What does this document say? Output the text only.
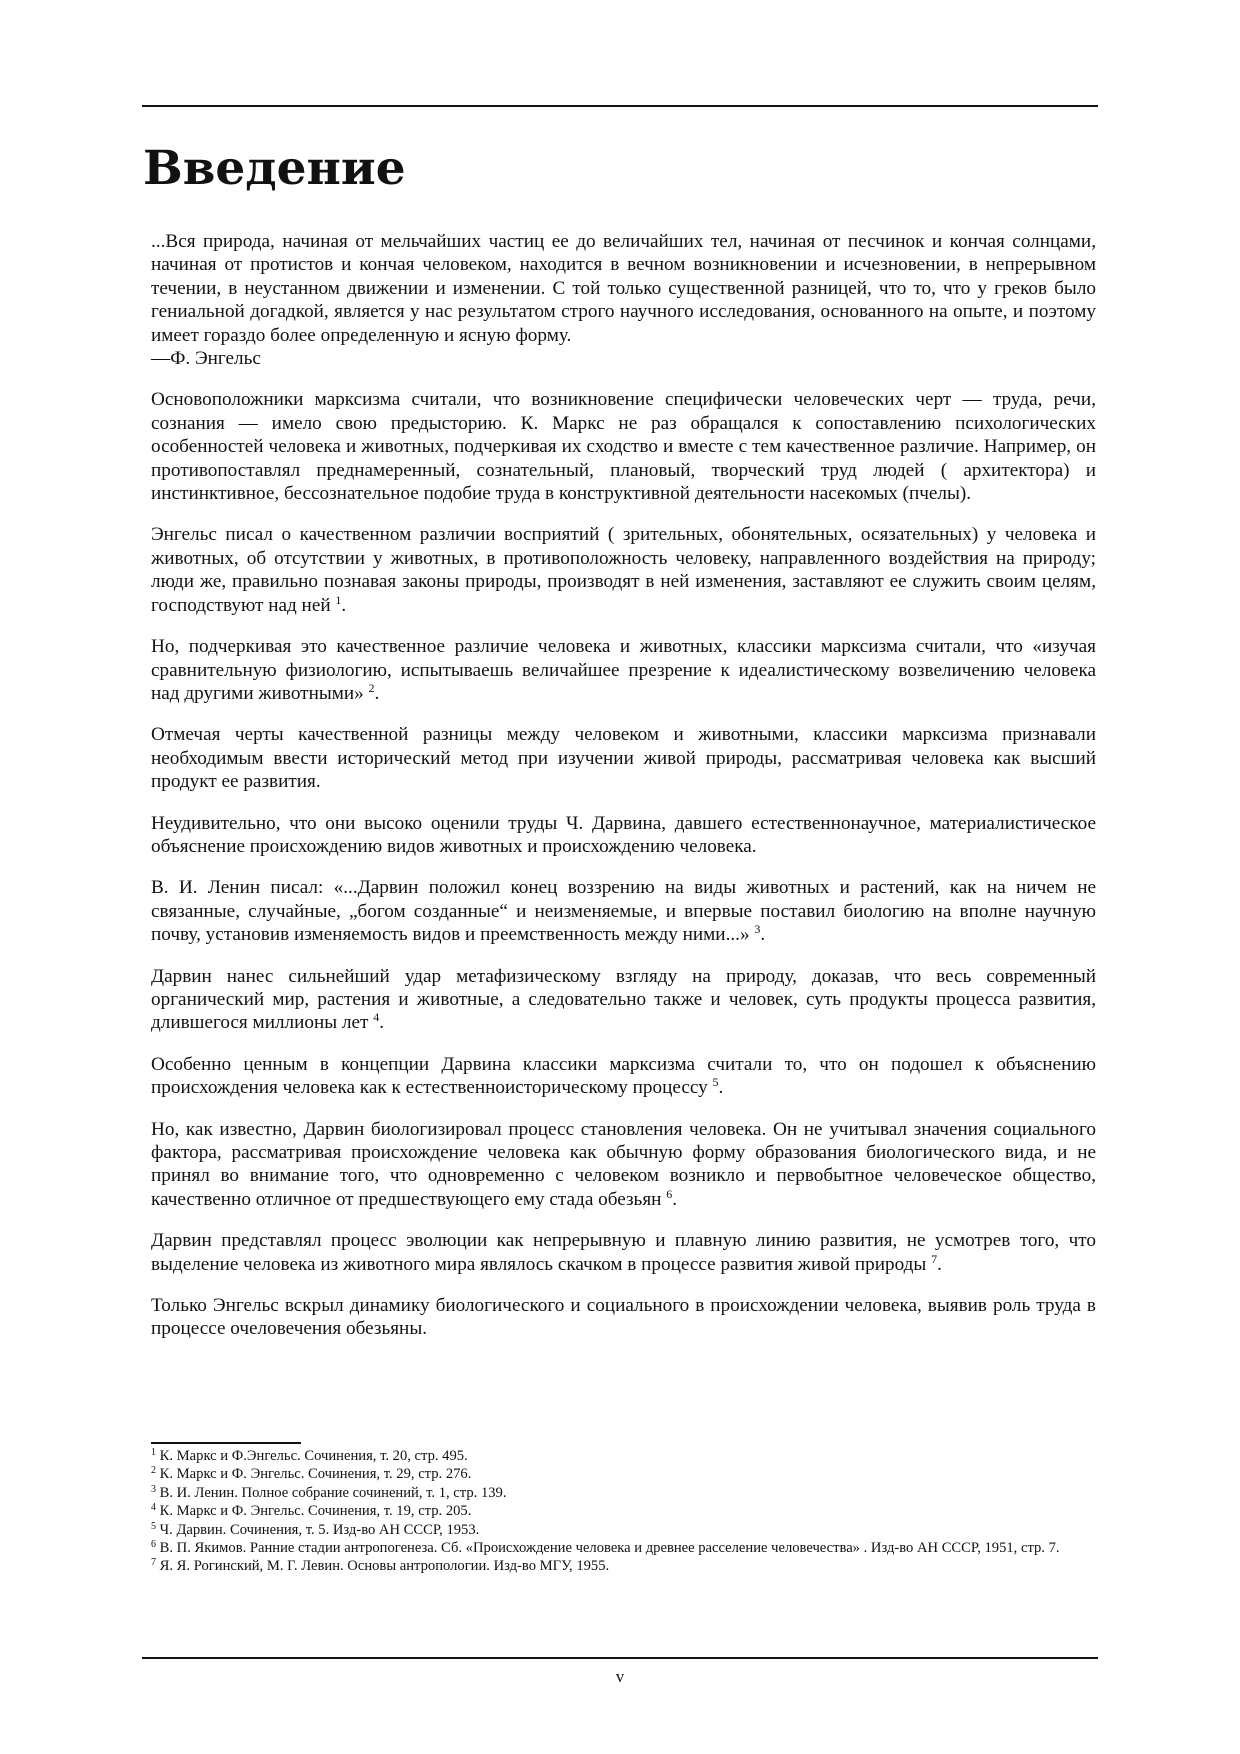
Введение
...Вся природа, начиная от мельчайших частиц ее до величайших тел, начиная от песчинок и кончая солнцами, начиная от протистов и кончая человеком, находится в вечном возникновении и исчезновении, в непрерывном течении, в неустанном движении и изменении. С той только существенной разницей, что то, что у греков было гениальной догадкой, является у нас результатом строго научного исследования, основанного на опыте, и поэтому имеет гораздо более определенную и ясную форму.
—Ф. Энгельс

Основоположники марксизма считали, что возникновение специфически человеческих черт — труда, речи, сознания — имело свою предысторию. К. Маркс не раз обращался к сопоставлению психологических особенностей человека и животных, подчеркивая их сходство и вместе с тем качественное различие. Например, он противопоставлял преднамеренный, сознательный, плановый, творческий труд людей ( архитектора) и инстинктивное, бессознательное подобие труда в конструктивной деятельности насекомых (пчелы).

Энгельс писал о качественном различии восприятий ( зрительных, обонятельных, осязательных) у человека и животных, об отсутствии у животных, в противоположность человеку, направленного воздействия на природу; люди же, правильно познавая законы природы, производят в ней изменения, заставляют ее служить своим целям, господствуют над ней $^1$.

Но, подчеркивая это качественное различие человека и животных, классики марксизма считали, что «изучая сравнительную физиологию, испытываешь величайшее презрение к идеалистическому возвеличению человека над другими животными» $^2$.

Отмечая черты качественной разницы между человеком и животными, классики марксизма признавали необходимым ввести исторический метод при изучении живой природы, рассматривая человека как высший продукт ее развития.

Неудивительно, что они высоко оценили труды Ч. Дарвина, давшего естественнонаучное, материалистическое объяснение происхождению видов животных и происхождению человека.

В. И. Ленин писал: «...Дарвин положил конец воззрению на виды животных и растений, как на ничем не связанные, случайные, „богом созданные“ и неизменяемые, и впервые поставил биологию на вполне научную почву, установив изменяемость видов и преемственность между ними...» $^3$.

Дарвин нанес сильнейший удар метафизическому взгляду на природу, доказав, что весь современный органический мир, растения и животные, а следовательно также и человек, суть продукты процесса развития, длившегося миллионы лет $^4$.

Особенно ценным в концепции Дарвина классики марксизма считали то, что он подошел к объяснению происхождения человека как к естественноисторическому процессу $^5$.

Но, как известно, Дарвин биологизировал процесс становления человека. Он не учитывал значения социального фактора, рассматривая происхождение человека как обычную форму образования биологического вида, и не принял во внимание того, что одновременно с человеком возникло и первобытное человеческое общество, качественно отличное от предшествующего ему стада обезьян $^6$.

Дарвин представлял процесс эволюции как непрерывную и плавную линию развития, не усмотрев того, что выделение человека из животного мира являлось скачком в процессе развития живой природы $^7$.

Только Энгельс вскрыл динамику биологического и социального в происхождении человека, выявив роль труда в процессе очеловечения обезьяны.

$^1$ К. Маркс и Ф.Энгельс. Сочинения, т. 20, стр. 495.
$^2$ К. Маркс и Ф. Энгельс. Сочинения, т. 29, стр. 276.
$^3$ В. И. Ленин. Полное собрание сочинений, т. 1, стр. 139.
$^4$ К. Маркс и Ф. Энгельс. Сочинения, т. 19, стр. 205.
$^5$ Ч. Дарвин. Сочинения, т. 5. Изд-во АН СССР, 1953.
$^6$ В. П. Якимов. Ранние стадии антропогенеза. Сб. «Происхождение человека и древнее расселение человечества» . Изд-во АН СССР, 1951, стр. 7.
$^7$ Я. Я. Рогинский, М. Г. Левин. Основы антропологии. Изд-во МГУ, 1955.
v
